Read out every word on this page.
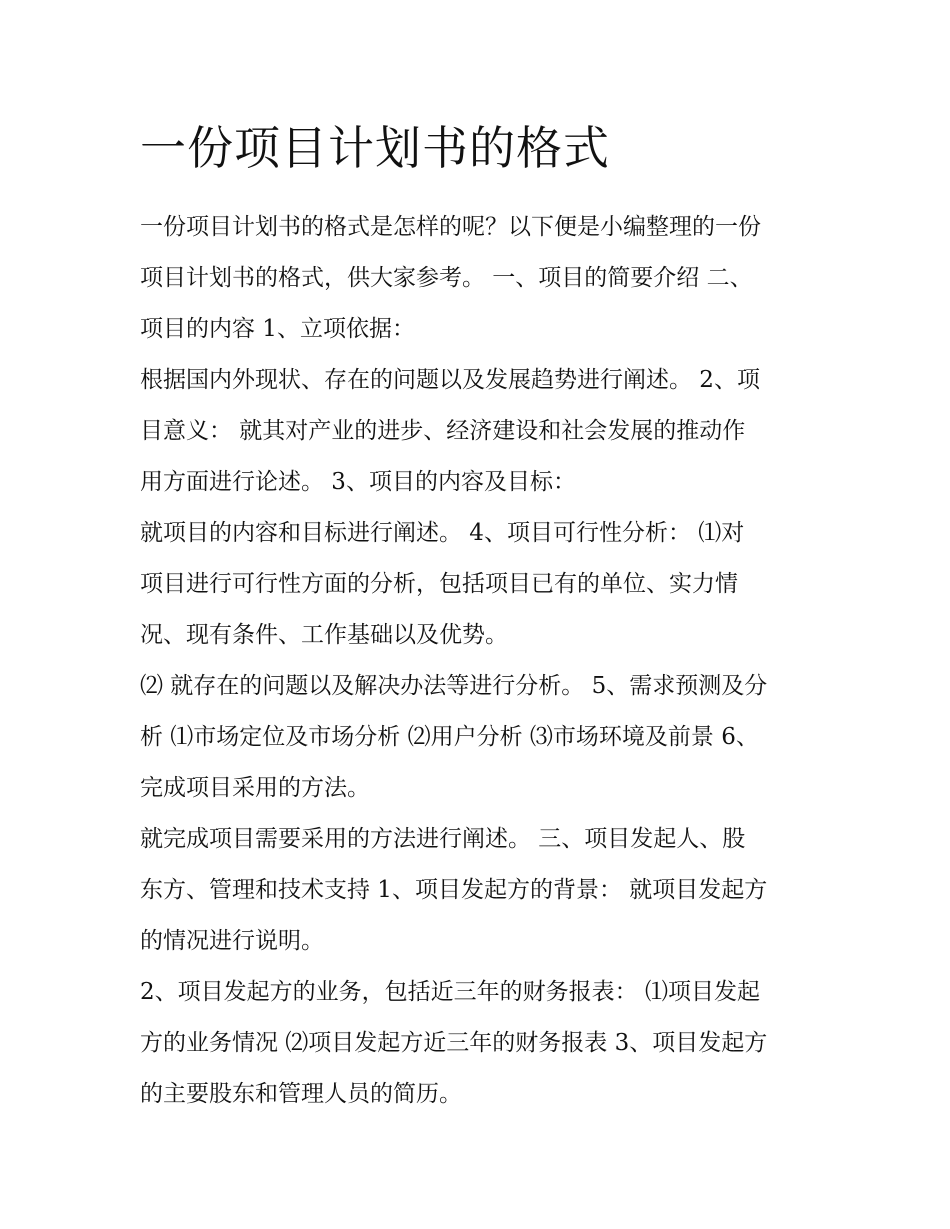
一份项目计划书的格式

一份项目计划书的格式是怎样的呢？以下便是小编整理的一份
项目计划书的格式，供大家参考。 一、项目的简要介绍 二、
项目的内容 1、立项依据：

根据国内外现状、存在的问题以及发展趋势进行阐述。 2、项
目意义： 就其对产业的进步、经济建设和社会发展的推动作
用方面进行论述。 3、项目的内容及目标：

就项目的内容和目标进行阐述。 4、项目可行性分析： ⑴对
项目进行可行性方面的分析，包括项目已有的单位、实力情
况、现有条件、工作基础以及优势。

⑵ 就存在的问题以及解决办法等进行分析。 5、需求预测及分
析 ⑴市场定位及市场分析 ⑵用户分析 ⑶市场环境及前景 6、
完成项目采用的方法。

就完成项目需要采用的方法进行阐述。 三、项目发起人、股
东方、管理和技术支持 1、项目发起方的背景： 就项目发起方
的情况进行说明。

2、项目发起方的业务，包括近三年的财务报表： ⑴项目发起
方的业务情况 ⑵项目发起方近三年的财务报表 3、项目发起方
的主要股东和管理人员的简历。
